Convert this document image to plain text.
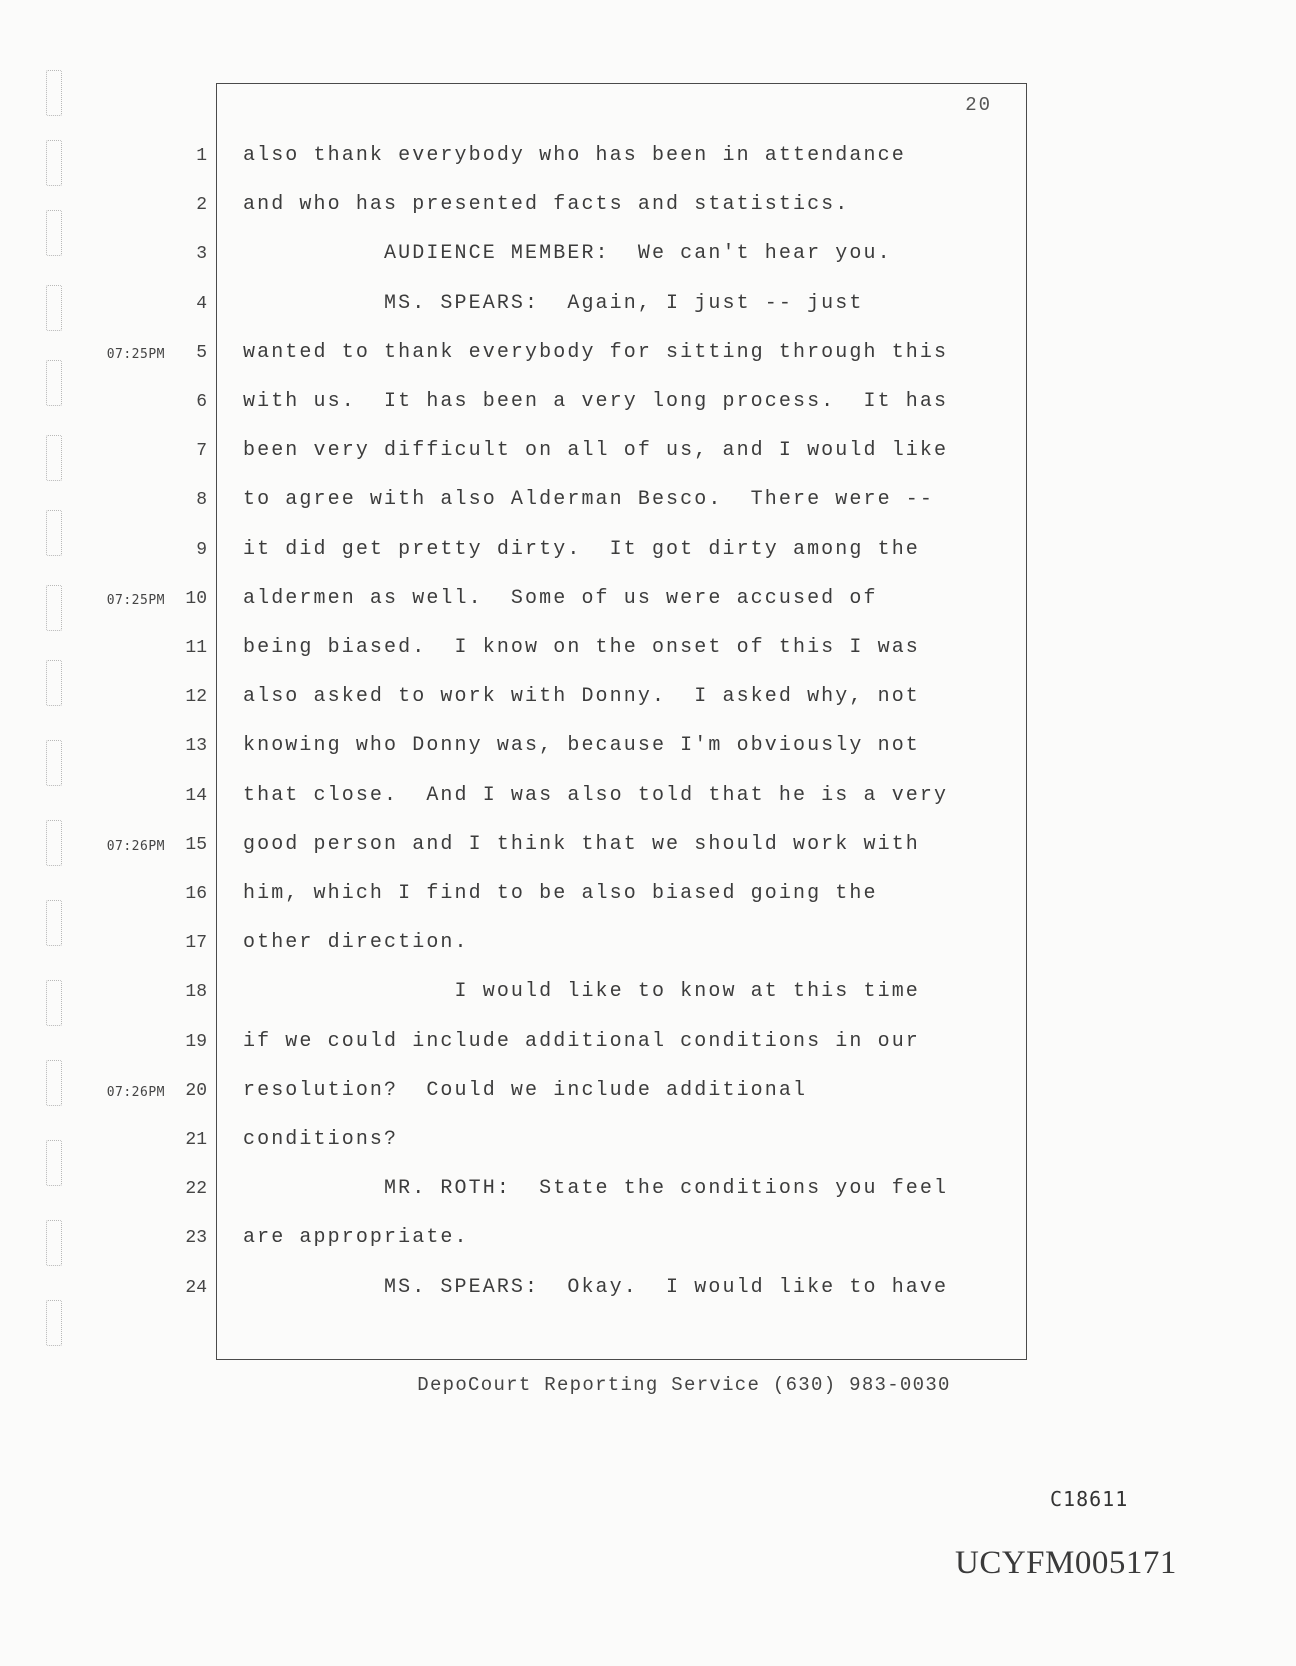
20
1 also thank everybody who has been in attendance
2 and who has presented facts and statistics.
3 AUDIENCE MEMBER:  We can't hear you.
4 MS. SPEARS:  Again, I just -- just
5
07:25PM	wanted to thank everybody for sitting through this
6 with us.  It has been a very long process.  It has
7 been very difficult on all of us, and I would like
8 to agree with also Alderman Besco.  There were --
9 it did get pretty dirty.  It got dirty among the
10
07:25PM	aldermen as well.  Some of us were accused of
11 being biased.  I know on the onset of this I was
12 also asked to work with Donny.  I asked why, not
13 knowing who Donny was, because I'm obviously not
14 that close.  And I was also told that he is a very
15
07:26PM	good person and I think that we should work with
16 him, which I find to be also biased going the
17 other direction.
18 I would like to know at this time
19 if we could include additional conditions in our
20
07:26PM	resolution?  Could we include additional
21 conditions?
22 MR. ROTH:  State the conditions you feel
23 are appropriate.
24 MS. SPEARS:  Okay.  I would like to have
DepoCourt Reporting Service (630) 983-0030
C18611
UCYFM005171
